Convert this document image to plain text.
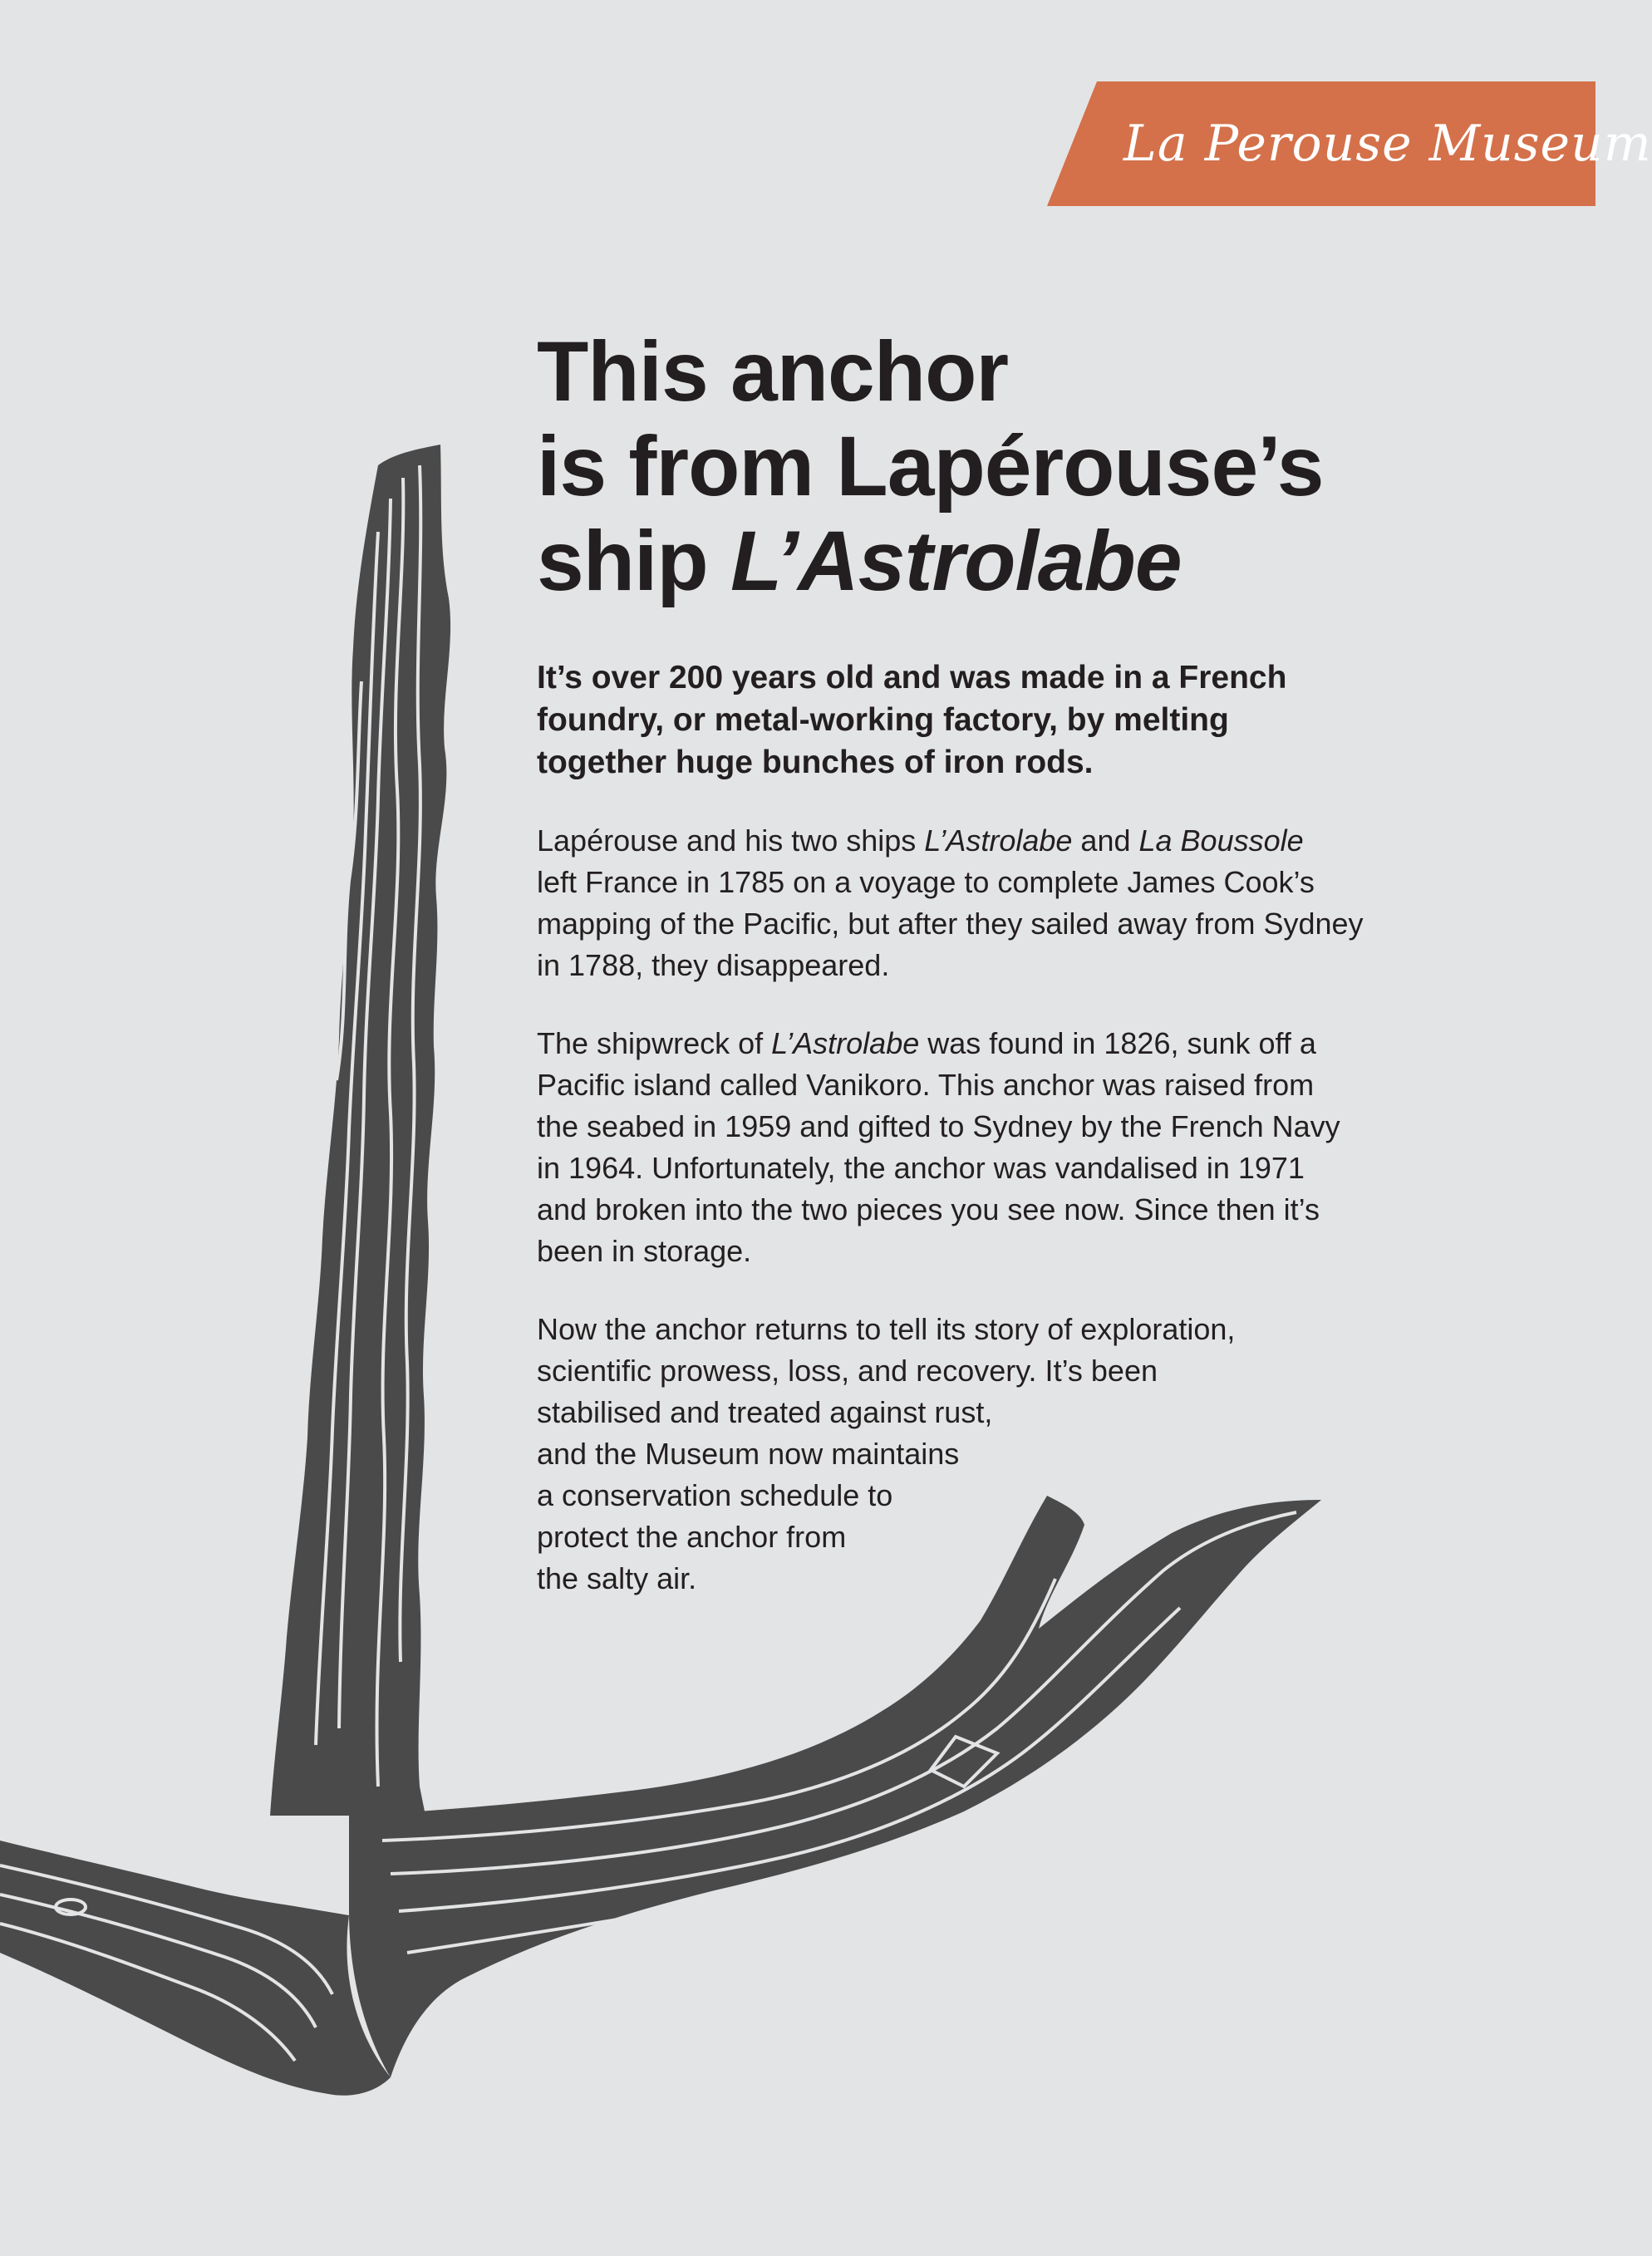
La Perouse Museum
This anchor
is from Lapérouse’s
ship L’Astrolabe

It’s over 200 years old and was made in a French
foundry, or metal-working factory, by melting
together huge bunches of iron rods.

Lapérouse and his two ships L’Astrolabe and La Boussole
left France in 1785 on a voyage to complete James Cook’s
mapping of the Pacific, but after they sailed away from Sydney
in 1788, they disappeared.

The shipwreck of L’Astrolabe was found in 1826, sunk off a
Pacific island called Vanikoro. This anchor was raised from
the seabed in 1959 and gifted to Sydney by the French Navy
in 1964. Unfortunately, the anchor was vandalised in 1971
and broken into the two pieces you see now. Since then it’s
been in storage.

Now the anchor returns to tell its story of exploration,
scientific prowess, loss, and recovery. It’s been
stabilised and treated against rust,
and the Museum now maintains
a conservation schedule to
protect the anchor from
the salty air.
